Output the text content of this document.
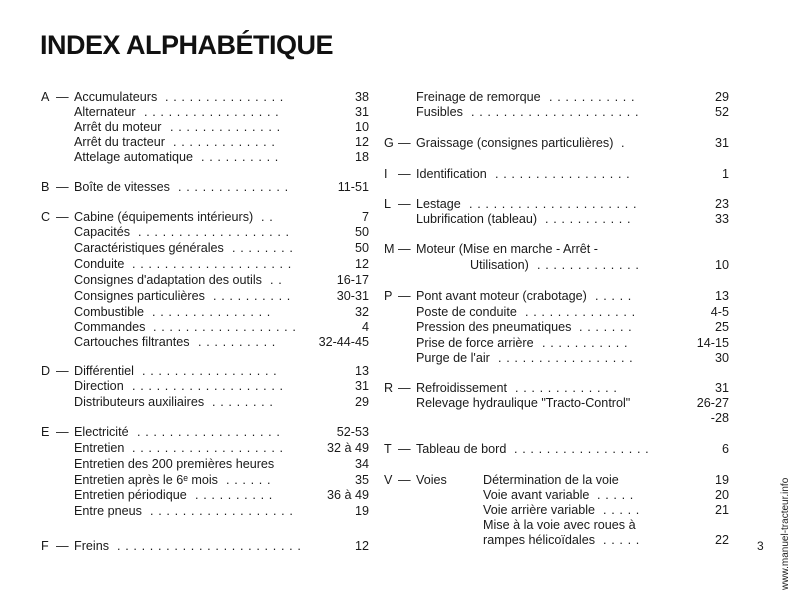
INDEX ALPHABÉTIQUE
A — Accumulateurs . . . . . . . . . . . . . . .	38
Alternateur . . . . . . . . . . . . . . . . .	31
Arrêt du moteur . . . . . . . . . . . . . .	10
Arrêt du tracteur . . . . . . . . . . . . .	12
Attelage automatique . . . . . . . . . .	18
B — Boîte de vitesses . . . . . . . . . . . . . .	11-51
C — Cabine (équipements intérieurs) . .	7
Capacités . . . . . . . . . . . . . . . . . . .	50
Caractéristiques générales . . . . . . . .	50
Conduite . . . . . . . . . . . . . . . . . . . .	12
Consignes d'adaptation des outils . .	16-17
Consignes particulières . . . . . . . . . .	30-31
Combustible . . . . . . . . . . . . . . .	32
Commandes . . . . . . . . . . . . . . . . . .	4
Cartouches filtrantes . . . . . . . . . .	32-44-45
D — Différentiel . . . . . . . . . . . . . . . . .	13
Direction . . . . . . . . . . . . . . . . . . .	31
Distributeurs auxiliaires . . . . . . . .	29
E — Electricité . . . . . . . . . . . . . . . . . .	52-53
Entretien . . . . . . . . . . . . . . . . . . .	32 à 49
Entretien des 200 premières heures	34
Entretien après le 6ᵉ mois . . . . . .	35
Entretien périodique . . . . . . . . . .	36 à 49
Entre pneus . . . . . . . . . . . . . . . . . .	19
F — Freins . . . . . . . . . . . . . . . . . . . . . . .	12
Freinage de remorque . . . . . . . . . . .	29
Fusibles . . . . . . . . . . . . . . . . . . . . .	52
G — Graissage (consignes particulières) .	31
I — Identification . . . . . . . . . . . . . . . . .	1
L — Lestage . . . . . . . . . . . . . . . . . . . . .	23
Lubrification (tableau) . . . . . . . . . . .	33
M — Moteur (Mise en marche - Arrêt -
Utilisation) . . . . . . . . . . . . .	10
P — Pont avant moteur (crabotage) . . . . .	13
Poste de conduite . . . . . . . . . . . . . .	4-5
Pression des pneumatiques . . . . . . .	25
Prise de force arrière . . . . . . . . . . .	14-15
Purge de l'air . . . . . . . . . . . . . . . . .	30
R — Refroidissement . . . . . . . . . . . . .	31
Relevage hydraulique "Tracto-Control"	26-27
-28
T — Tableau de bord . . . . . . . . . . . . . . . . .	6
V — Voies	Détermination de la voie	19
Voie avant variable . . . . .	20
Voie arrière variable . . . . .	21
Mise à la voie avec roues à
rampes hélicoïdales . . . . .	22 3 www.manuel-tracteur.info
